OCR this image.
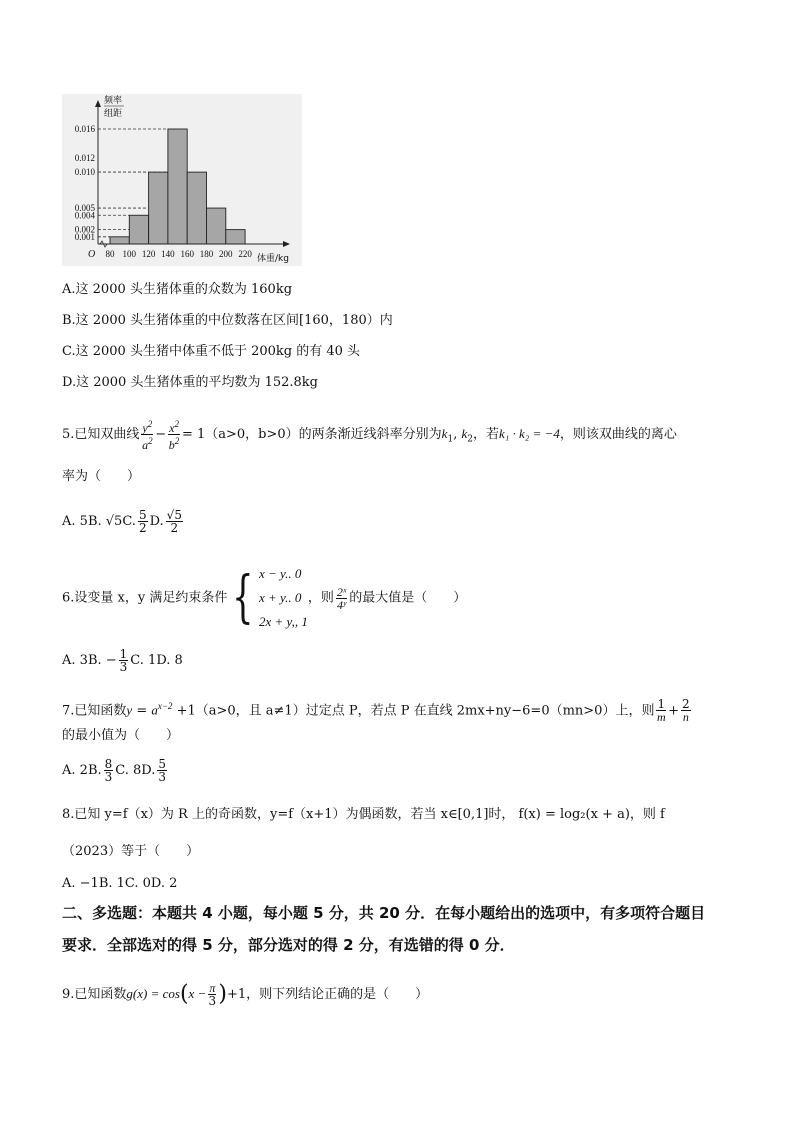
0.016
0.012
0.010
0.005
0.004
0.002
0.001
80 100 120 140 160 180 200 220
O
频率
组距
体重/kg
A.这 2000 头生猪体重的众数为 160kg
B.这 2000 头生猪体重的中位数落在区间[160，180）内
C.这 2000 头生猪中体重不低于 200kg 的有 40 头
D.这 2000 头生猪体重的平均数为 152.8kg
5.已知双曲线 $\frac{y^2}{a^2} - \frac{x^2}{b^2} = 1(a>0$，b>0）的两条渐近线斜率分别为$k_1$, $k_2$，若k₁ · k₂ = −4，则该双曲线的离心
率为（　　）
A. 5B. √5C. $\frac{5}{2} D$. $\frac{√5}{2}$
6.设变量 x，y 满足约束条件{ x − y.. 0
x + y.. 0
2x + y,, 1
，则 $\frac{\text{2ˣ}}{\text{4ʸ}}$ 的最大值是（　　）
A. 3B. − $\frac{1}{3} C$. 1D. 8
7.已知函数$y = a^{x-2} +1(a>0$，且 a≠1）过定点 P，若点 P 在直线 2mx+ny−6=0（mn>0）上，则 $\frac{1}{m} + \frac{2}{n}$
的最小值为（　　）
A. 2B. $\frac{8}{3} C$. 8D. $\frac{5}{3}$
8.已知 y=f（x）为 R 上的奇函数，y=f（x+1）为偶函数，若当 x∈[0,1]时， f(x) = log₂(x + a)，则 f
（2023）等于（　　）
A. −1B. 1C. 0D. 2
二、多选题：本题共 4 小题，每小题 5 分，共 20 分．在每小题给出的选项中，有多项符合题目
要求．全部选对的得 5 分，部分选对的得 2 分，有选错的得 0 分．
9.已知函数$g(x) = \cos(x - \frac{\pi}{3} )+1$，则下列结论正确的是（　　）
